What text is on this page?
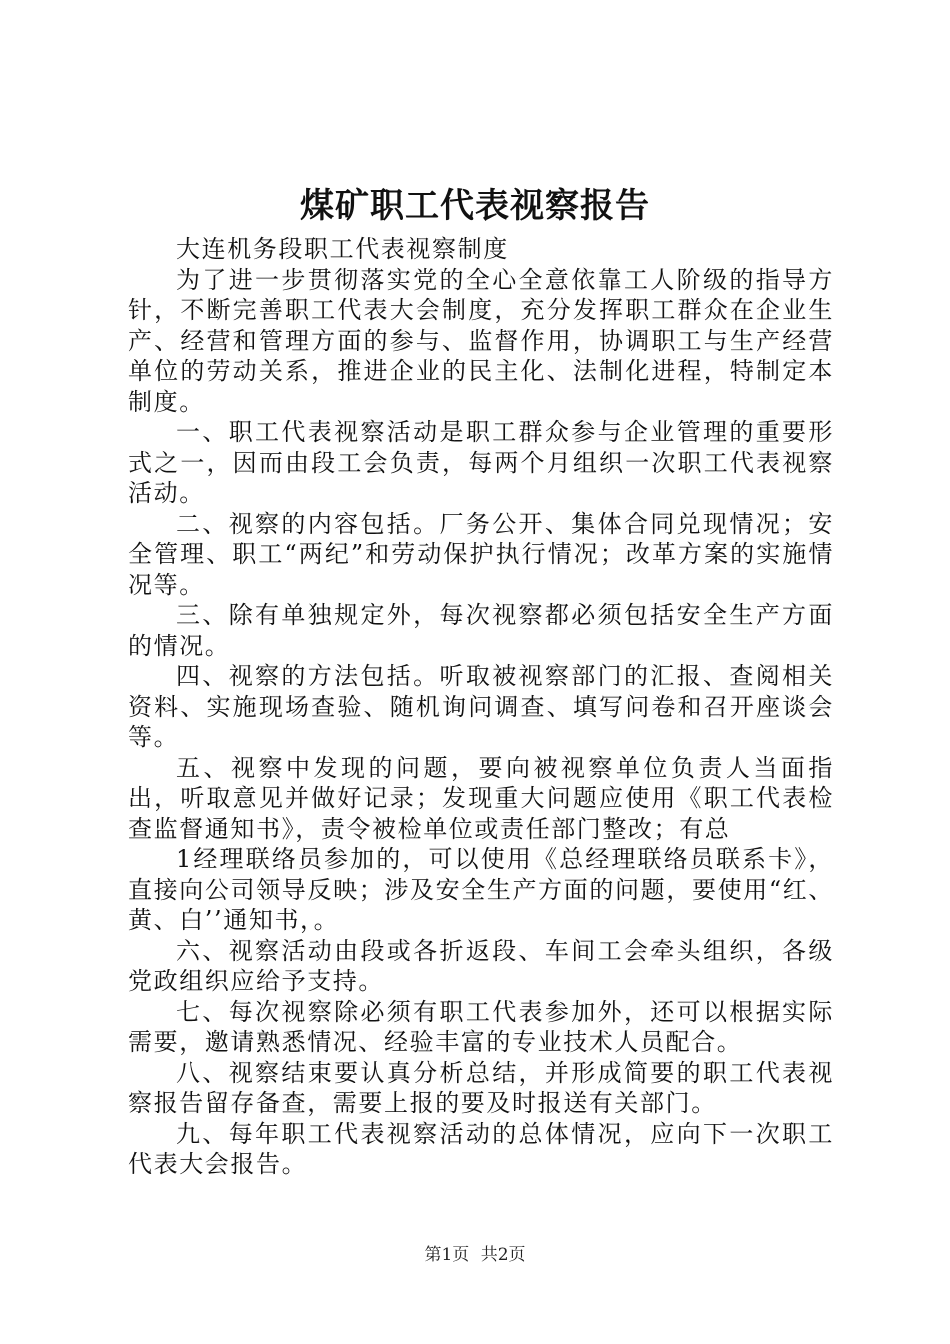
煤矿职工代表视察报告

大连机务段职工代表视察制度

为了进一步贯彻落实党的全心全意依靠工人阶级的指导方针，不断完善职工代表大会制度，充分发挥职工群众在企业生产、经营和管理方面的参与、监督作用，协调职工与生产经营单位的劳动关系，推进企业的民主化、法制化进程，特制定本制度。

一、职工代表视察活动是职工群众参与企业管理的重要形式之一，因而由段工会负责，每两个月组织一次职工代表视察活动。

二、视察的内容包括。厂务公开、集体合同兑现情况；安全管理、职工“两纪”和劳动保护执行情况；改革方案的实施情况等。

三、除有单独规定外，每次视察都必须包括安全生产方面的情况。

四、视察的方法包括。听取被视察部门的汇报、查阅相关资料、实施现场查验、随机询问调查、填写问卷和召开座谈会等。

五、视察中发现的问题，要向被视察单位负责人当面指出，听取意见并做好记录；发现重大问题应使用《职工代表检查监督通知书》，责令被检单位或责任部门整改；有总

1经理联络员参加的，可以使用《总经理联络员联系卡》，直接向公司领导反映；涉及安全生产方面的问题，要使用“红、黄、白’’通知书，。

六、视察活动由段或各折返段、车间工会牵头组织，各级党政组织应给予支持。

七、每次视察除必须有职工代表参加外，还可以根据实际需要，邀请熟悉情况、经验丰富的专业技术人员配合。

八、视察结束要认真分析总结，并形成简要的职工代表视察报告留存备查，需要上报的要及时报送有关部门。

九、每年职工代表视察活动的总体情况，应向下一次职工代表大会报告。

第1页 共2页
